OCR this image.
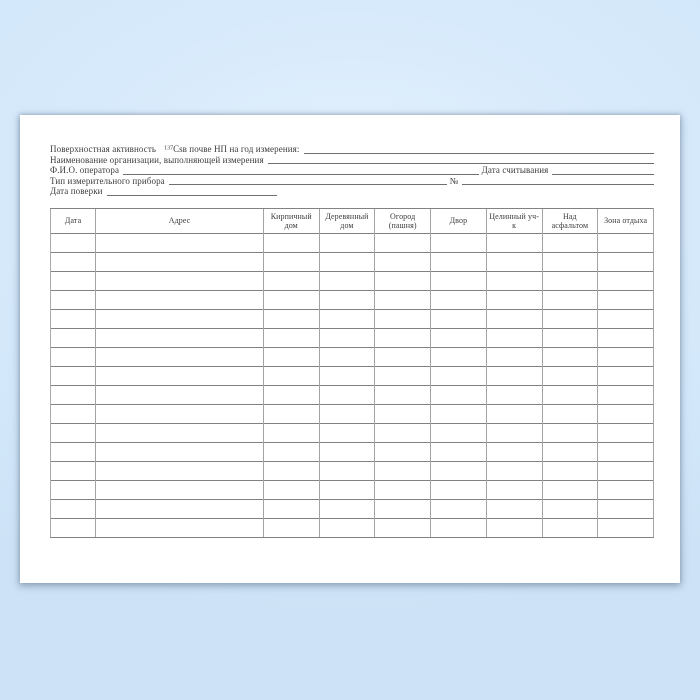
Поверхностная активность $^{137}$Cs в почве НП на год измерения:
Наименование организации, выполняющей измерения
Ф.И.О. оператора	Дата считывания
Тип измерительного прибора	№
Дата поверки
Дата	Адрес	Кирпичный дом	Деревянный дом	Огород (пашня)	Двор	Целинный уч-к	Над асфальтом	Зона отдыха
